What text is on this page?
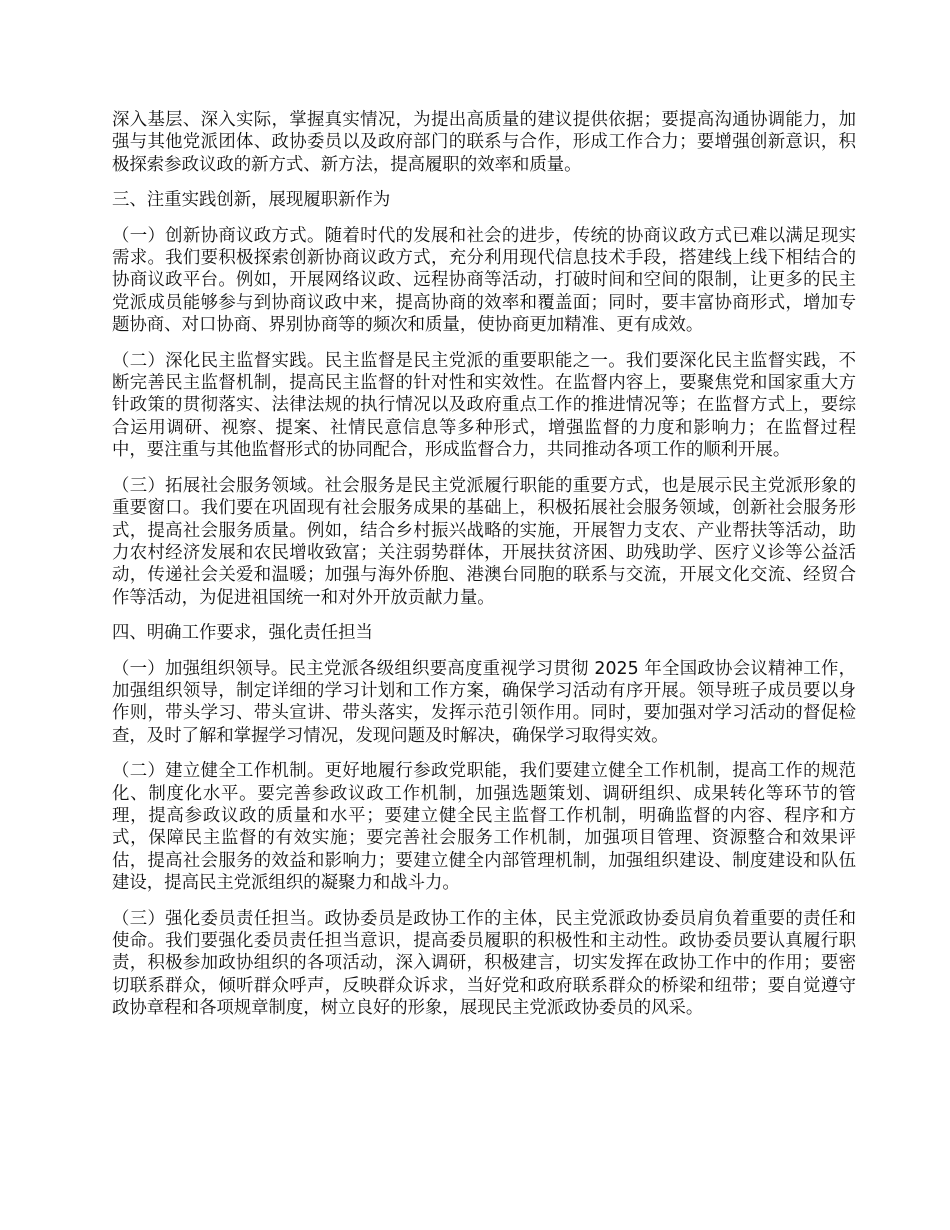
深入基层、深入实际，掌握真实情况，为提出高质量的建议提供依据；要提高沟通协调能力，加强与其他党派团体、政协委员以及政府部门的联系与合作，形成工作合力；要增强创新意识，积极探索参政议政的新方式、新方法，提高履职的效率和质量。

三、注重实践创新，展现履职新作为

（一）创新协商议政方式。随着时代的发展和社会的进步，传统的协商议政方式已难以满足现实需求。我们要积极探索创新协商议政方式，充分利用现代信息技术手段，搭建线上线下相结合的协商议政平台。例如，开展网络议政、远程协商等活动，打破时间和空间的限制，让更多的民主党派成员能够参与到协商议政中来，提高协商的效率和覆盖面；同时，要丰富协商形式，增加专题协商、对口协商、界别协商等的频次和质量，使协商更加精准、更有成效。

（二）深化民主监督实践。民主监督是民主党派的重要职能之一。我们要深化民主监督实践，不断完善民主监督机制，提高民主监督的针对性和实效性。在监督内容上，要聚焦党和国家重大方针政策的贯彻落实、法律法规的执行情况以及政府重点工作的推进情况等；在监督方式上，要综合运用调研、视察、提案、社情民意信息等多种形式，增强监督的力度和影响力；在监督过程中，要注重与其他监督形式的协同配合，形成监督合力，共同推动各项工作的顺利开展。

（三）拓展社会服务领域。社会服务是民主党派履行职能的重要方式，也是展示民主党派形象的重要窗口。我们要在巩固现有社会服务成果的基础上，积极拓展社会服务领域，创新社会服务形式，提高社会服务质量。例如，结合乡村振兴战略的实施，开展智力支农、产业帮扶等活动，助力农村经济发展和农民增收致富；关注弱势群体，开展扶贫济困、助残助学、医疗义诊等公益活动，传递社会关爱和温暖；加强与海外侨胞、港澳台同胞的联系与交流，开展文化交流、经贸合作等活动，为促进祖国统一和对外开放贡献力量。

四、明确工作要求，强化责任担当

（一）加强组织领导。民主党派各级组织要高度重视学习贯彻 2025 年全国政协会议精神工作，加强组织领导，制定详细的学习计划和工作方案，确保学习活动有序开展。领导班子成员要以身作则，带头学习、带头宣讲、带头落实，发挥示范引领作用。同时，要加强对学习活动的督促检查，及时了解和掌握学习情况，发现问题及时解决，确保学习取得实效。

（二）建立健全工作机制。更好地履行参政党职能，我们要建立健全工作机制，提高工作的规范化、制度化水平。要完善参政议政工作机制，加强选题策划、调研组织、成果转化等环节的管理，提高参政议政的质量和水平；要建立健全民主监督工作机制，明确监督的内容、程序和方式，保障民主监督的有效实施；要完善社会服务工作机制，加强项目管理、资源整合和效果评估，提高社会服务的效益和影响力；要建立健全内部管理机制，加强组织建设、制度建设和队伍建设，提高民主党派组织的凝聚力和战斗力。

（三）强化委员责任担当。政协委员是政协工作的主体，民主党派政协委员肩负着重要的责任和使命。我们要强化委员责任担当意识，提高委员履职的积极性和主动性。政协委员要认真履行职责，积极参加政协组织的各项活动，深入调研，积极建言，切实发挥在政协工作中的作用；要密切联系群众，倾听群众呼声，反映群众诉求，当好党和政府联系群众的桥梁和纽带；要自觉遵守政协章程和各项规章制度，树立良好的形象，展现民主党派政协委员的风采。
